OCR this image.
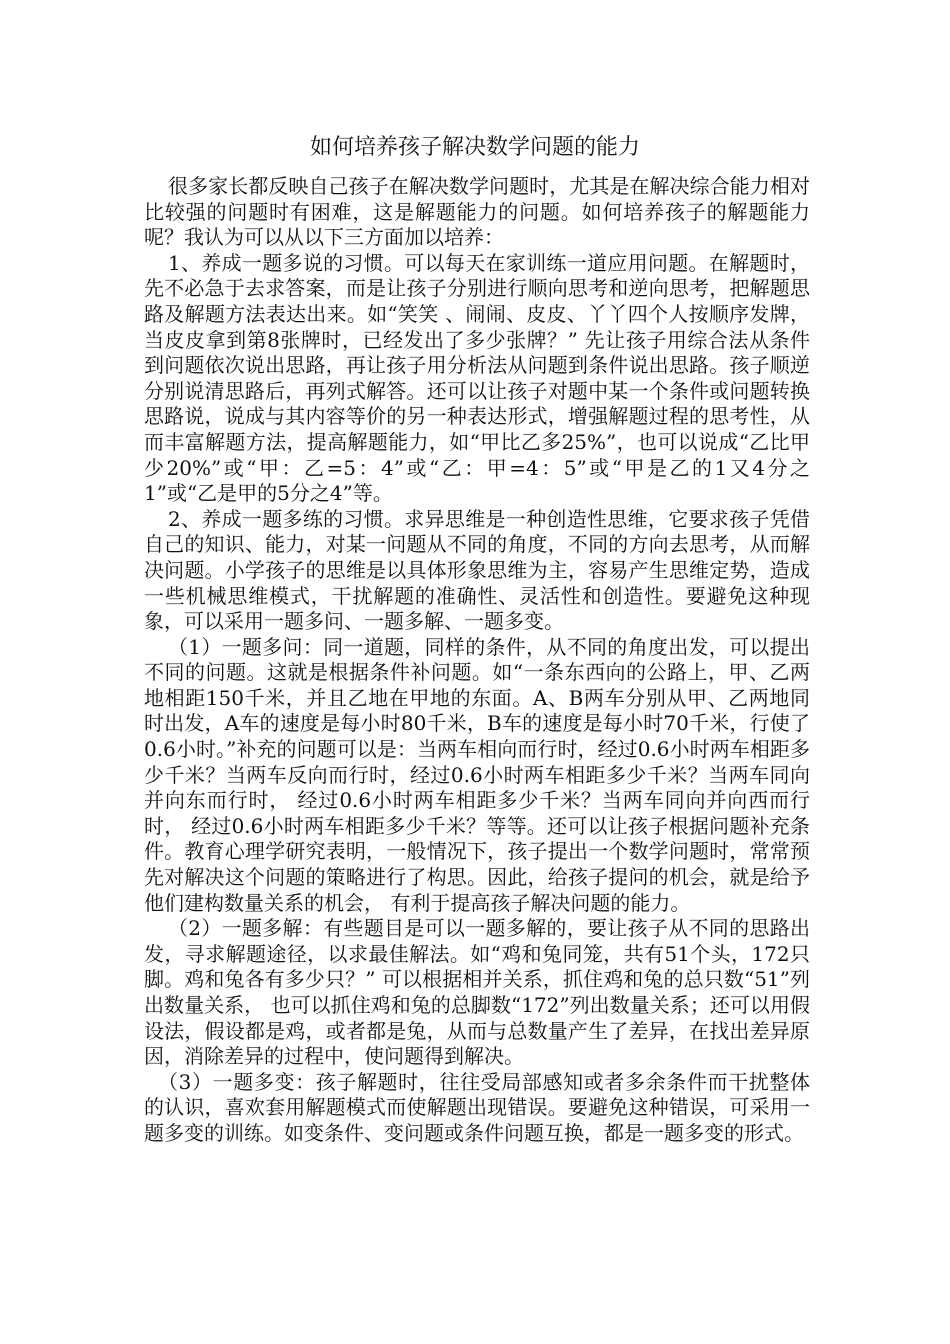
如何培养孩子解决数学问题的能力

很多家长都反映自己孩子在解决数学问题时，尤其是在解决综合能力相对比较强的问题时有困难，这是解题能力的问题。如何培养孩子的解题能力呢？我认为可以从以下三方面加以培养：

1、养成一题多说的习惯。可以每天在家训练一道应用问题。在解题时，先不必急于去求答案，而是让孩子分别进行顺向思考和逆向思考，把解题思路及解题方法表达出来。如“笑笑 、闹闹、皮皮、丫丫四个人按顺序发牌，当皮皮拿到第8张牌时，已经发出了多少张牌？” 先让孩子用综合法从条件到问题依次说出思路，再让孩子用分析法从问题到条件说出思路。孩子顺逆分别说清思路后，再列式解答。还可以让孩子对题中某一个条件或问题转换思路说，说成与其内容等价的另一种表达形式，增强解题过程的思考性，从而丰富解题方法，提高解题能力，如“甲比乙多25%”，也可以说成“乙比甲少20%”或“甲：乙=5：4”或“乙：甲=4：5”或“甲是乙的1又4分之1”或“乙是甲的5分之4”等。

2、养成一题多练的习惯。求异思维是一种创造性思维，它要求孩子凭借自己的知识、能力，对某一问题从不同的角度，不同的方向去思考，从而解决问题。小学孩子的思维是以具体形象思维为主，容易产生思维定势，造成一些机械思维模式，干扰解题的准确性、灵活性和创造性。要避免这种现象，可以采用一题多问、一题多解、一题多变。

（1）一题多问：同一道题，同样的条件，从不同的角度出发，可以提出不同的问题。这就是根据条件补问题。如“一条东西向的公路上，甲、乙两地相距150千米，并且乙地在甲地的东面。A、B两车分别从甲、乙两地同时出发，A车的速度是每小时80千米，B车的速度是每小时70千米，行使了0.6小时。”补充的问题可以是：当两车相向而行时，经过0.6小时两车相距多少千米？当两车反向而行时，经过0.6小时两车相距多少千米？当两车同向并向东而行时， 经过0.6小时两车相距多少千米？当两车同向并向西而行时， 经过0.6小时两车相距多少千米？等等。还可以让孩子根据问题补充条件。教育心理学研究表明，一般情况下，孩子提出一个数学问题时，常常预先对解决这个问题的策略进行了构思。因此，给孩子提问的机会，就是给予他们建构数量关系的机会， 有利于提高孩子解决问题的能力。

（2）一题多解：有些题目是可以一题多解的，要让孩子从不同的思路出发，寻求解题途径，以求最佳解法。如“鸡和兔同笼，共有51个头，172只脚。鸡和兔各有多少只？” 可以根据相并关系，抓住鸡和兔的总只数“51”列出数量关系， 也可以抓住鸡和兔的总脚数“172”列出数量关系；还可以用假设法，假设都是鸡，或者都是兔，从而与总数量产生了差异，在找出差异原因，消除差异的过程中，使问题得到解决。

（3）一题多变：孩子解题时，往往受局部感知或者多余条件而干扰整体的认识，喜欢套用解题模式而使解题出现错误。要避免这种错误，可采用一题多变的训练。如变条件、变问题或条件问题互换，都是一题多变的形式。
